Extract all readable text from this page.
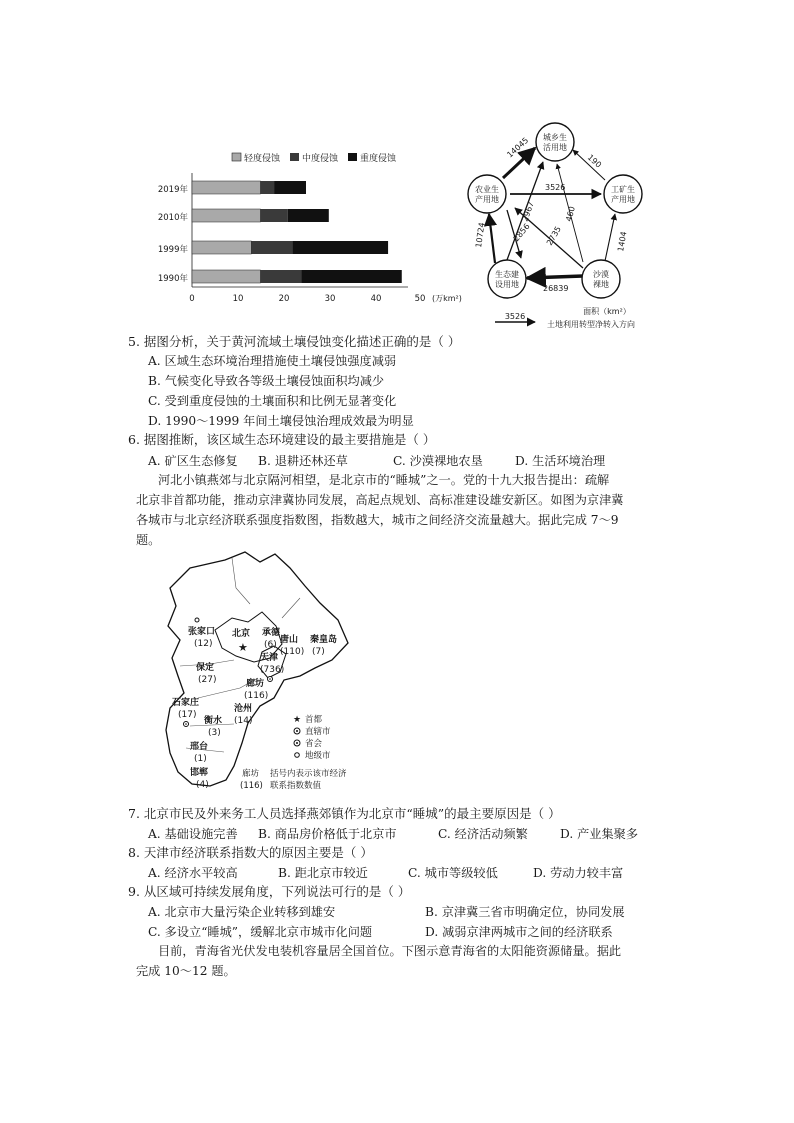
轻度侵蚀 中度侵蚀 重度侵蚀
2019年
2010年
1999年
1990年
0	10	20	30	40	50 (万km²)
14045
190
3526
10724
2967
2856
460
2735	1404
26839
城乡生
活用地
农业生
产用地
工矿生
产用地
生态建
设用地
沙漠
裸地
面积（km²）
3526
土地利用转型净转入方向
5. 据图分析，关于黄河流域土壤侵蚀变化描述正确的是（ ）
A. 区域生态环境治理措施使土壤侵蚀强度减弱
B. 气候变化导致各等级土壤侵蚀面积均减少
C. 受到重度侵蚀的土壤面积和比例无显著变化
D. 1990～1999 年间土壤侵蚀治理成效最为明显
6. 据图推断，该区域生态环境建设的最主要措施是（ ）
A. 矿区生态修复 B. 退耕还林还草	C. 沙漠裸地农垦	D. 生活环境治理
河北小镇燕郊与北京隔河相望，是北京市的“睡城”之一。党的十九大报告提出：疏解
北京非首都功能，推动京津冀协同发展，高起点规划、高标准建设雄安新区。如图为京津冀
各城市与北京经济联系强度指数图，指数越大，城市之间经济交流量越大。据此完成 7～9
题。
承德
(6)
张家口
(12)
北京
★
唐山
(110)
秦皇岛
(7)
天津
(736)
保定
(27)	廊坊
(116)
石家庄
(17)
沧州
(14)
衡水
(3)
邢台
(1)
邯郸
(4)
★ 首都
直辖市
省会
地级市
廊坊 括号内表示该市经济
(116) 联系指数数值
7. 北京市民及外来务工人员选择燕郊镇作为北京市“睡城”的最主要原因是（ ）
A. 基础设施完善 B. 商品房价格低于北京市	C. 经济活动频繁	D. 产业集聚多
8. 天津市经济联系指数大的原因主要是（ ）
A. 经济水平较高	B. 距北京市较近	C. 城市等级较低	D. 劳动力较丰富
9. 从区域可持续发展角度，下列说法可行的是（ ）
A. 北京市大量污染企业转移到雄安	B. 京津冀三省市明确定位，协同发展
C. 多设立“睡城”，缓解北京市城市化问题	D. 减弱京津两城市之间的经济联系
目前，青海省光伏发电装机容量居全国首位。下图示意青海省的太阳能资源储量。据此
完成 10～12 题。
